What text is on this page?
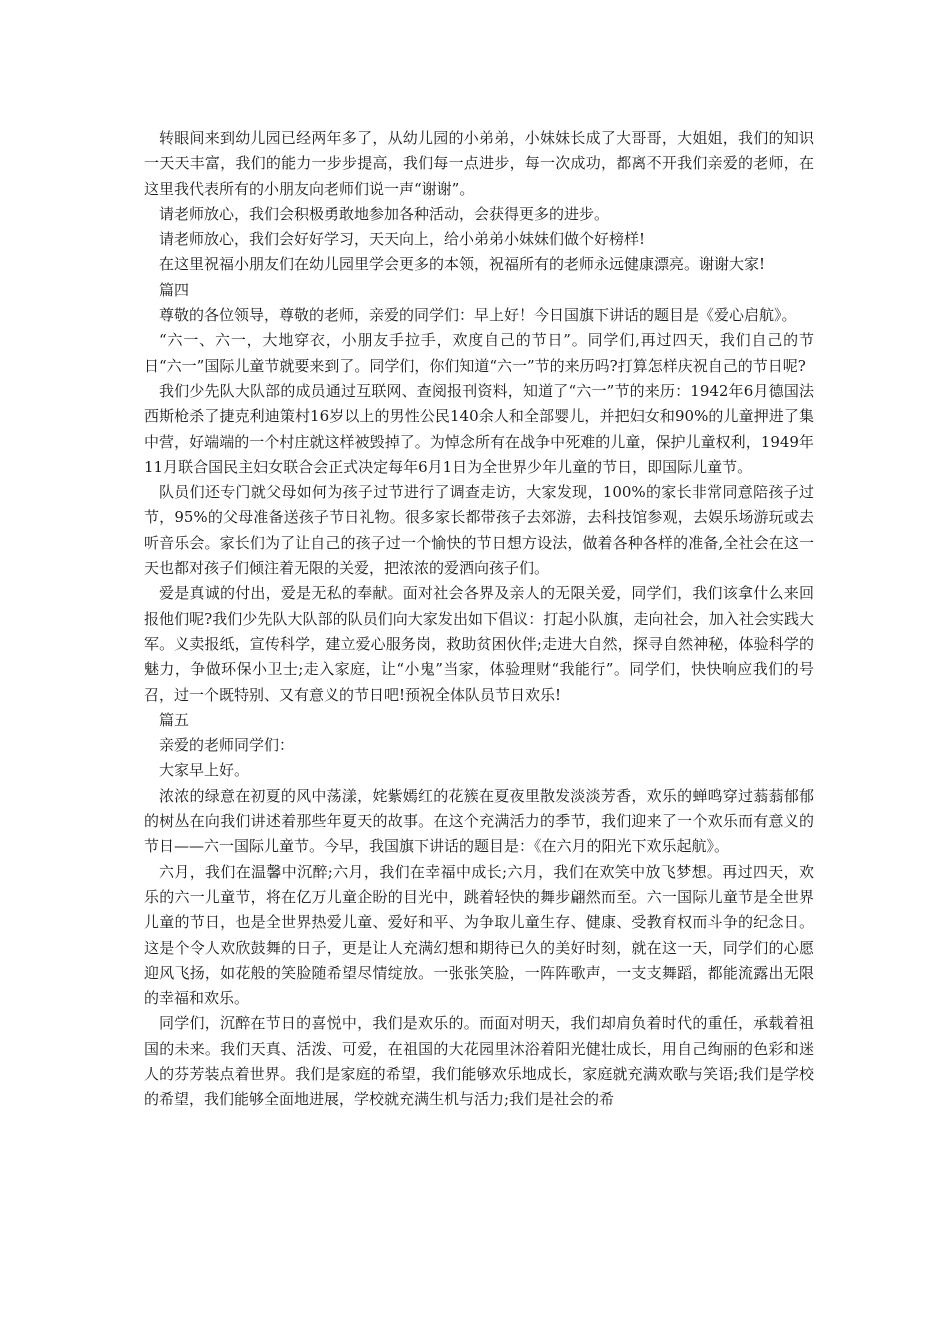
转眼间来到幼儿园已经两年多了，从幼儿园的小弟弟，小妹妹长成了大哥哥，大姐姐，我们的知识一天天丰富，我们的能力一步步提高，我们每一点进步，每一次成功，都离不开我们亲爱的老师，在这里我代表所有的小朋友向老师们说一声“谢谢”。

请老师放心，我们会积极勇敢地参加各种活动，会获得更多的进步。

请老师放心，我们会好好学习，天天向上，给小弟弟小妹妹们做个好榜样!

在这里祝福小朋友们在幼儿园里学会更多的本领，祝福所有的老师永远健康漂亮。谢谢大家!

篇四

尊敬的各位领导，尊敬的老师，亲爱的同学们：早上好！今日国旗下讲话的题目是《爱心启航》。

“六一、六一，大地穿衣，小朋友手拉手，欢度自己的节日”。同学们,再过四天，我们自己的节日“六一”国际儿童节就要来到了。同学们，你们知道“六一”节的来历吗?打算怎样庆祝自己的节日呢?

我们少先队大队部的成员通过互联网、查阅报刊资料，知道了“六一”节的来历：1942年6月德国法西斯枪杀了捷克利迪策村16岁以上的男性公民140余人和全部婴儿，并把妇女和90%的儿童押进了集中营，好端端的一个村庄就这样被毁掉了。为悼念所有在战争中死难的儿童，保护儿童权利，1949年11月联合国民主妇女联合会正式决定每年6月1日为全世界少年儿童的节日，即国际儿童节。

队员们还专门就父母如何为孩子过节进行了调查走访，大家发现，100%的家长非常同意陪孩子过节，95%的父母准备送孩子节日礼物。很多家长都带孩子去郊游，去科技馆参观，去娱乐场游玩或去听音乐会。家长们为了让自己的孩子过一个愉快的节日想方设法，做着各种各样的准备,全社会在这一天也都对孩子们倾注着无限的关爱，把浓浓的爱洒向孩子们。

爱是真诚的付出，爱是无私的奉献。面对社会各界及亲人的无限关爱，同学们，我们该拿什么来回报他们呢?我们少先队大队部的队员们向大家发出如下倡议：打起小队旗，走向社会，加入社会实践大军。义卖报纸，宣传科学，建立爱心服务岗，救助贫困伙伴;走进大自然，探寻自然神秘，体验科学的魅力，争做环保小卫士;走入家庭，让“小鬼”当家，体验理财“我能行”。同学们，快快响应我们的号召，过一个既特别、又有意义的节日吧!预祝全体队员节日欢乐!

篇五

亲爱的老师同学们：

大家早上好。

浓浓的绿意在初夏的风中荡漾，姹紫嫣红的花簇在夏夜里散发淡淡芳香，欢乐的蝉鸣穿过蓊蓊郁郁的树丛在向我们讲述着那些年夏天的故事。在这个充满活力的季节，我们迎来了一个欢乐而有意义的节日——六一国际儿童节。今早，我国旗下讲话的题目是：《在六月的阳光下欢乐起航》。

六月，我们在温馨中沉醉;六月，我们在幸福中成长;六月，我们在欢笑中放飞梦想。再过四天，欢乐的六一儿童节，将在亿万儿童企盼的目光中，跳着轻快的舞步翩然而至。六一国际儿童节是全世界儿童的节日，也是全世界热爱儿童、爱好和平、为争取儿童生存、健康、受教育权而斗争的纪念日。这是个令人欢欣鼓舞的日子，更是让人充满幻想和期待已久的美好时刻，就在这一天，同学们的心愿迎风飞扬，如花般的笑脸随希望尽情绽放。一张张笑脸，一阵阵歌声，一支支舞蹈，都能流露出无限的幸福和欢乐。

同学们，沉醉在节日的喜悦中，我们是欢乐的。而面对明天，我们却肩负着时代的重任，承载着祖国的未来。我们天真、活泼、可爱，在祖国的大花园里沐浴着阳光健壮成长，用自己绚丽的色彩和迷人的芬芳装点着世界。我们是家庭的希望，我们能够欢乐地成长，家庭就充满欢歌与笑语;我们是学校的希望，我们能够全面地进展，学校就充满生机与活力;我们是社会的希
